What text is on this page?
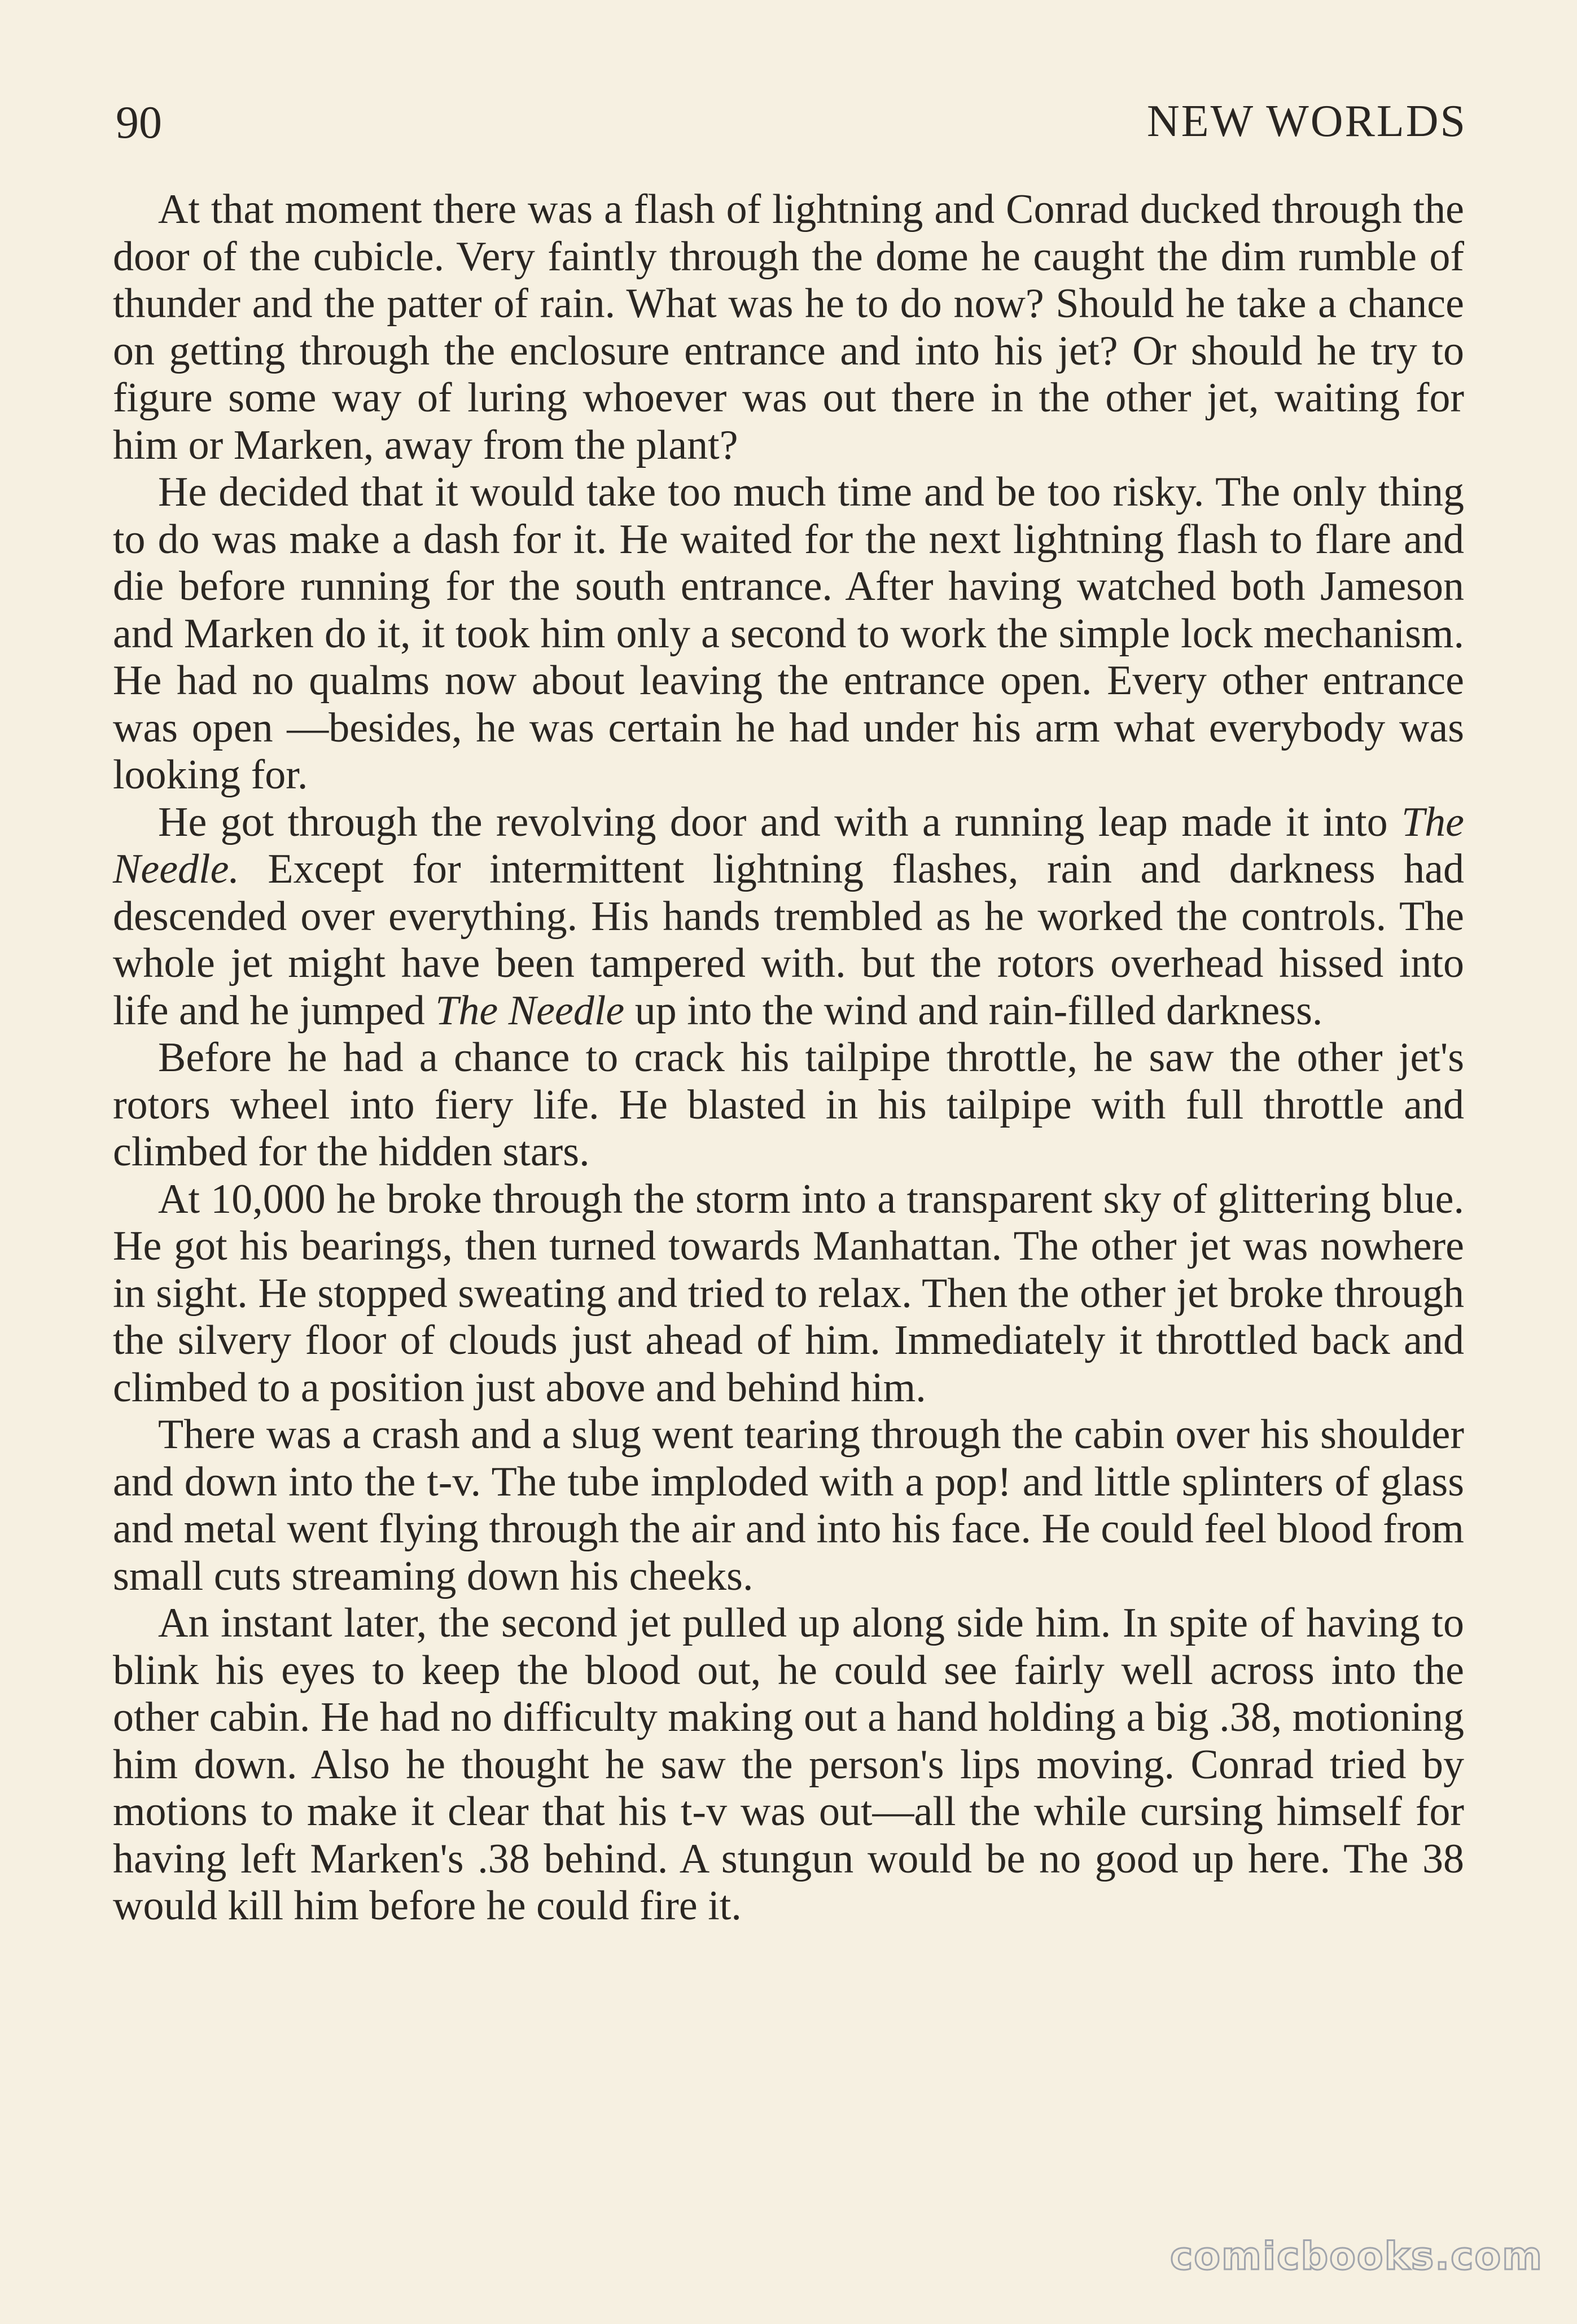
90	NEW WORLDS

At that moment there was a flash of lightning and Conrad ducked through the door of the cubicle. Very faintly through the dome he caught the dim rumble of thunder and the patter of rain. What was he to do now? Should he take a chance on getting through the enclosure entrance and into his jet? Or should he try to figure some way of luring whoever was out there in the other jet, waiting for him or Marken, away from the plant?

He decided that it would take too much time and be too risky. The only thing to do was make a dash for it. He waited for the next lightning flash to flare and die before running for the south entrance. After having watched both Jameson and Marken do it, it took him only a second to work the simple lock mechanism. He had no qualms now about leaving the entrance open. Every other entrance was open —besides, he was certain he had under his arm what everybody was looking for.

He got through the revolving door and with a running leap made it into The Needle. Except for intermittent lightning flashes, rain and darkness had descended over everything. His hands trembled as he worked the controls. The whole jet might have been tampered with. but the rotors overhead hissed into life and he jumped The Needle up into the wind and rain-filled darkness.

Before he had a chance to crack his tailpipe throttle, he saw the other jet's rotors wheel into fiery life. He blasted in his tailpipe with full throttle and climbed for the hidden stars.

At 10,000 he broke through the storm into a transparent sky of glittering blue. He got his bearings, then turned towards Manhattan. The other jet was nowhere in sight. He stopped sweating and tried to relax. Then the other jet broke through the silvery floor of clouds just ahead of him. Immediately it throttled back and climbed to a position just above and behind him.

There was a crash and a slug went tearing through the cabin over his shoulder and down into the t-v. The tube imploded with a pop! and little splinters of glass and metal went flying through the air and into his face. He could feel blood from small cuts streaming down his cheeks.

An instant later, the second jet pulled up along side him. In spite of having to blink his eyes to keep the blood out, he could see fairly well across into the other cabin. He had no difficulty making out a hand holding a big .38, motioning him down. Also he thought he saw the person's lips moving. Conrad tried by motions to make it clear that his t-v was out—all the while cursing himself for having left Marken's .38 behind. A stungun would be no good up here. The 38 would kill him before he could fire it.

comicbooks.com
